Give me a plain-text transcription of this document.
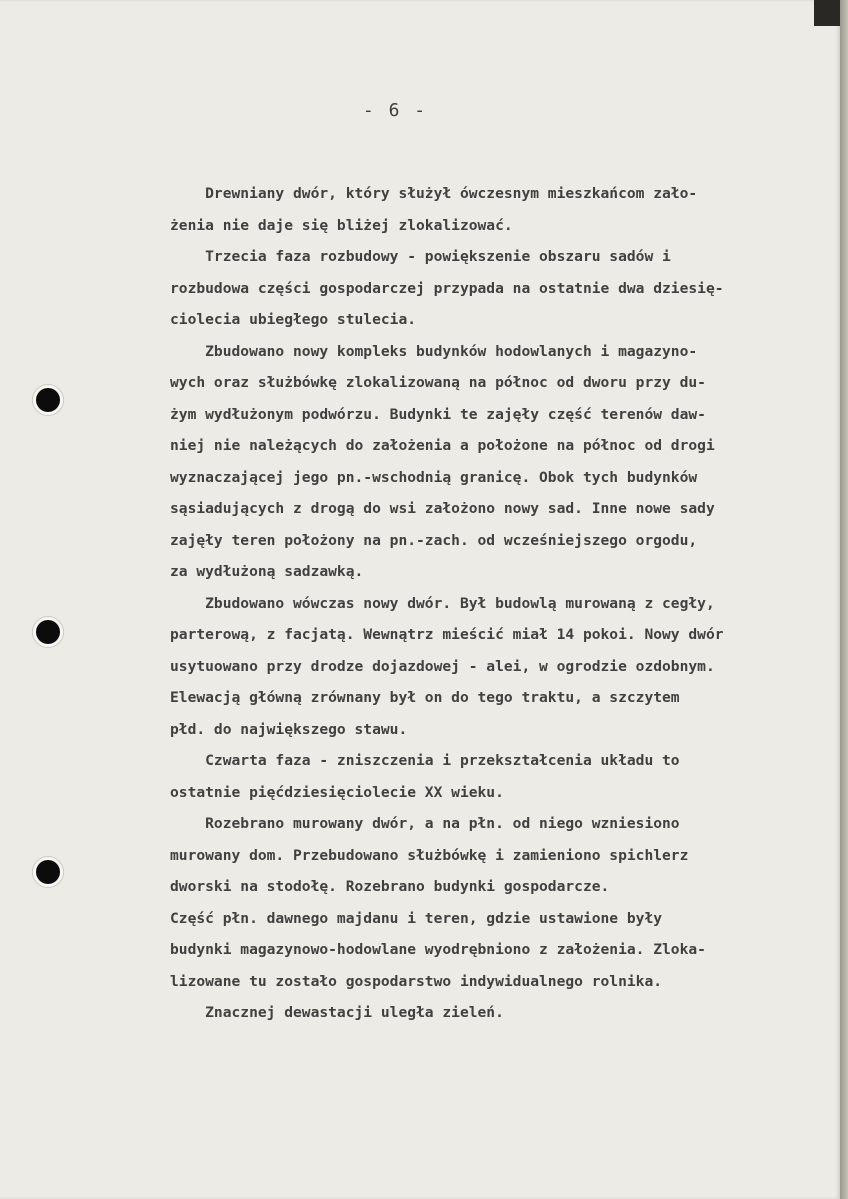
- 6 -
Drewniany dwór, który służył ówczesnym mieszkańcom zało-
żenia nie daje się bliżej zlokalizować.
Trzecia faza rozbudowy - powiększenie obszaru sadów i
rozbudowa części gospodarczej przypada na ostatnie dwa dziesię-
ciolecia ubiegłego stulecia.
Zbudowano nowy kompleks budynków hodowlanych i magazyno-
wych oraz służbówkę zlokalizowaną na północ od dworu przy du-
żym wydłużonym podwórzu. Budynki te zajęły część terenów daw-
niej nie należących do założenia a położone na północ od drogi
wyznaczającej jego pn.-wschodnią granicę. Obok tych budynków
sąsiadujących z drogą do wsi założono nowy sad. Inne nowe sady
zajęły teren położony na pn.-zach. od wcześniejszego orgodu,
za wydłużoną sadzawką.
Zbudowano wówczas nowy dwór. Był budowlą murowaną z cegły,
parterową, z facjatą. Wewnątrz mieścić miał 14 pokoi. Nowy dwór
usytuowano przy drodze dojazdowej - alei, w ogrodzie ozdobnym.
Elewacją główną zrównany był on do tego traktu, a szczytem
płd. do największego stawu.
Czwarta faza - zniszczenia i przekształcenia układu to
ostatnie pięćdziesięciolecie XX wieku.
Rozebrano murowany dwór, a na płn. od niego wzniesiono
murowany dom. Przebudowano służbówkę i zamieniono spichlerz
dworski na stodołę. Rozebrano budynki gospodarcze.
Część płn. dawnego majdanu i teren, gdzie ustawione były
budynki magazynowo-hodowlane wyodrębniono z założenia. Zloka-
lizowane tu zostało gospodarstwo indywidualnego rolnika.
Znacznej dewastacji uległa zieleń.
